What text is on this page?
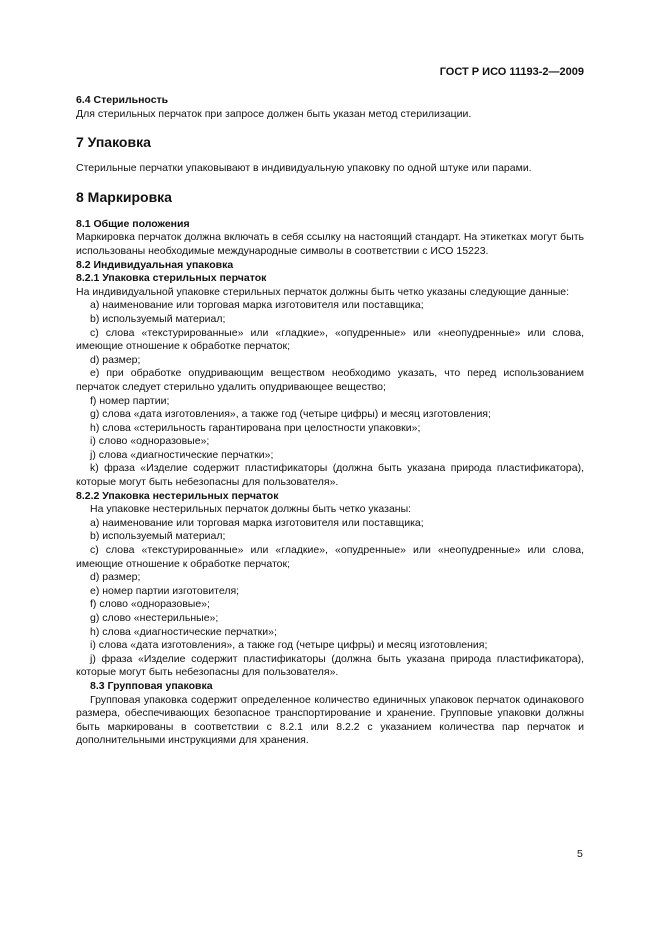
ГОСТ Р ИСО 11193-2—2009

6.4 Стерильность

Для стерильных перчаток при запросе должен быть указан метод стерилизации.

7 Упаковка

Стерильные перчатки упаковывают в индивидуальную упаковку по одной штуке или парами.

8 Маркировка

8.1 Общие положения

Маркировка перчаток должна включать в себя ссылку на настоящий стандарт. На этикетках могут быть использованы необходимые международные символы в соответствии с ИСО 15223.

8.2 Индивидуальная упаковка

8.2.1 Упаковка стерильных перчаток

На индивидуальной упаковке стерильных перчаток должны быть четко указаны следующие данные:

a) наименование или торговая марка изготовителя или поставщика;

b) используемый материал;

c) слова «текстурированные» или «гладкие», «опудренные» или «неопудренные» или слова, имеющие отношение к обработке перчаток;

d) размер;

e) при обработке опудривающим веществом необходимо указать, что перед использованием перчаток следует стерильно удалить опудривающее вещество;

f) номер партии;

g) слова «дата изготовления», а также год (четыре цифры) и месяц изготовления;

h) слова «стерильность гарантирована при целостности упаковки»;

i) слово «одноразовые»;

j) слова «диагностические перчатки»;

k) фраза «Изделие содержит пластификаторы (должна быть указана природа пластификатора), которые могут быть небезопасны для пользователя».

8.2.2 Упаковка нестерильных перчаток

На упаковке нестерильных перчаток должны быть четко указаны:

a) наименование или торговая марка изготовителя или поставщика;

b) используемый материал;

c) слова «текстурированные» или «гладкие», «опудренные» или «неопудренные» или слова, имеющие отношение к обработке перчаток;

d) размер;

e) номер партии изготовителя;

f) слово «одноразовые»;

g) слово «нестерильные»;

h) слова «диагностические перчатки»;

i) слова «дата изготовления», а также год (четыре цифры) и месяц изготовления;

j) фраза «Изделие содержит пластификаторы (должна быть указана природа пластификатора), которые могут быть небезопасны для пользователя».

8.3 Групповая упаковка

Групповая упаковка содержит определенное количество единичных упаковок перчаток одинакового размера, обеспечивающих безопасное транспортирование и хранение. Групповые упаковки должны быть маркированы в соответствии с 8.2.1 или 8.2.2 с указанием количества пар перчаток и дополнительными инструкциями для хранения.

5
